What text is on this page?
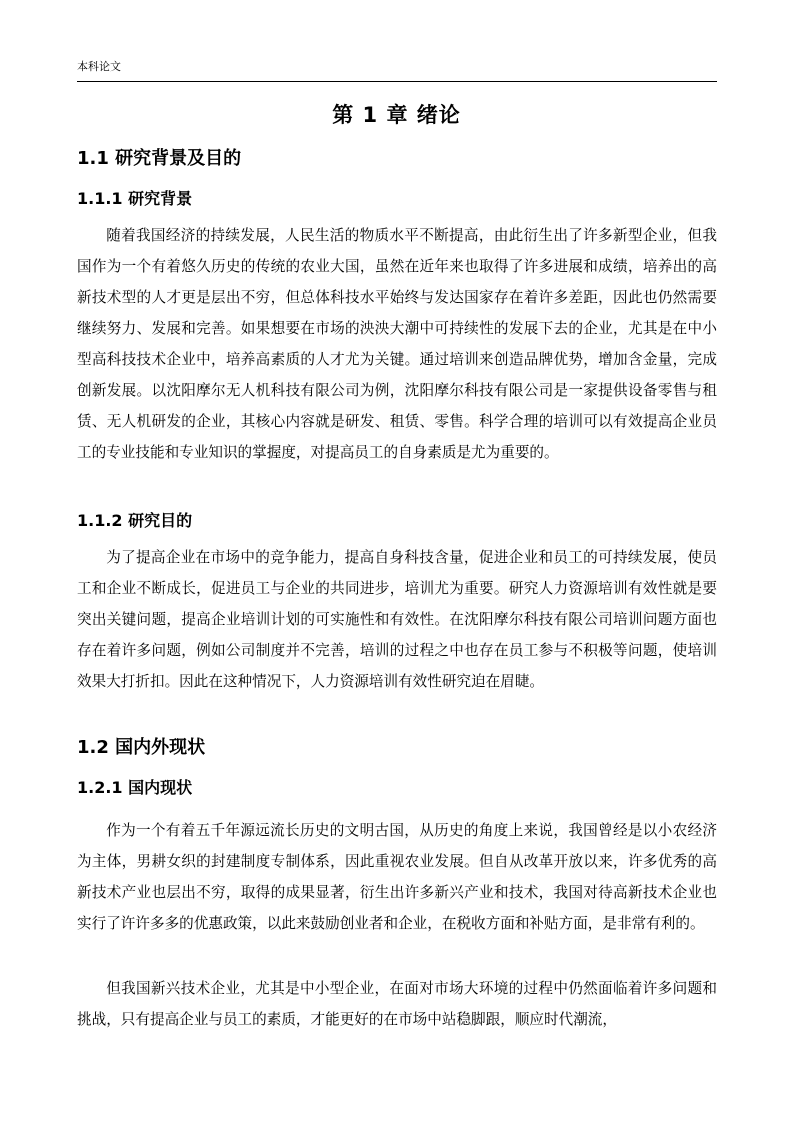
本科论文
第 1 章 绪论
1.1 研究背景及目的
1.1.1 研究背景

随着我国经济的持续发展，人民生活的物质水平不断提高，由此衍生出了许多新型企业，但我国作为一个有着悠久历史的传统的农业大国，虽然在近年来也取得了许多进展和成绩，培养出的高新技术型的人才更是层出不穷，但总体科技水平始终与发达国家存在着许多差距，因此也仍然需要继续努力、发展和完善。如果想要在市场的泱泱大潮中可持续性的发展下去的企业，尤其是在中小型高科技技术企业中，培养高素质的人才尤为关键。通过培训来创造品牌优势，增加含金量，完成创新发展。以沈阳摩尔无人机科技有限公司为例，沈阳摩尔科技有限公司是一家提供设备零售与租赁、无人机研发的企业，其核心内容就是研发、租赁、零售。科学合理的培训可以有效提高企业员工的专业技能和专业知识的掌握度，对提高员工的自身素质是尤为重要的。

1.1.2 研究目的

为了提高企业在市场中的竞争能力，提高自身科技含量，促进企业和员工的可持续发展，使员工和企业不断成长，促进员工与企业的共同进步，培训尤为重要。研究人力资源培训有效性就是要突出关键问题，提高企业培训计划的可实施性和有效性。在沈阳摩尔科技有限公司培训问题方面也存在着许多问题，例如公司制度并不完善，培训的过程之中也存在员工参与不积极等问题，使培训效果大打折扣。因此在这种情况下，人力资源培训有效性研究迫在眉睫。

1.2 国内外现状
1.2.1 国内现状

作为一个有着五千年源远流长历史的文明古国，从历史的角度上来说，我国曾经是以小农经济为主体，男耕女织的封建制度专制体系，因此重视农业发展。但自从改革开放以来，许多优秀的高新技术产业也层出不穷，取得的成果显著，衍生出许多新兴产业和技术，我国对待高新技术企业也实行了许许多多的优惠政策，以此来鼓励创业者和企业，在税收方面和补贴方面，是非常有利的。

但我国新兴技术企业，尤其是中小型企业，在面对市场大环境的过程中仍然面临着许多问题和挑战，只有提高企业与员工的素质，才能更好的在市场中站稳脚跟，顺应时代潮流，
